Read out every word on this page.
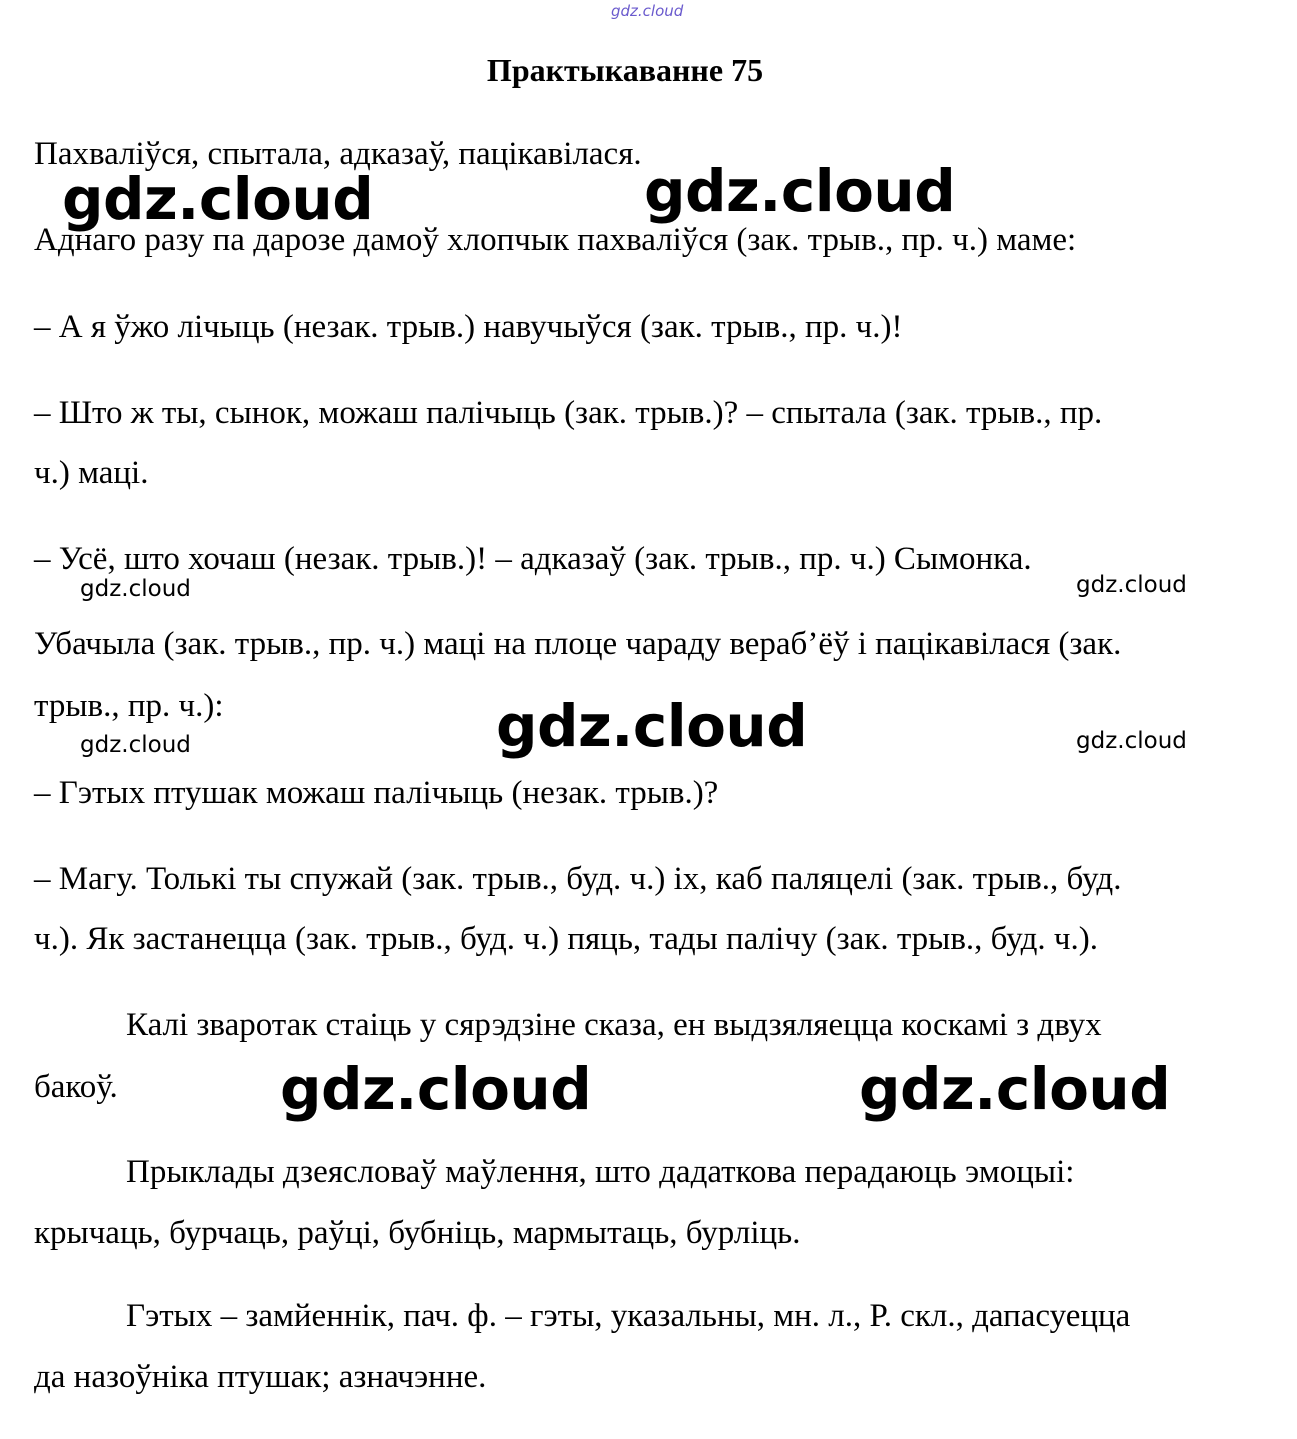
gdz.cloud
Практыкаванне 75
Пахваліўся, спытала, адказаў, пацікавілася.
Аднаго разу па дарозе дамоў хлопчык пахваліўся (зак. трыв., пр. ч.) маме:
– А я ўжо лічыць (незак. трыв.) навучыўся (зак. трыв., пр. ч.)!
– Што ж ты, сынок, можаш палічыць (зак. трыв.)? – спытала (зак. трыв., пр.
ч.) маці.
– Усё, што хочаш (незак. трыв.)! – адказаў (зак. трыв., пр. ч.) Сымонка.
Убачыла (зак. трыв., пр. ч.) маці на плоце чараду вераб’ёў і пацікавілася (зак.
трыв., пр. ч.):
– Гэтых птушак можаш палічыць (незак. трыв.)?
– Магу. Толькі ты спужай (зак. трыв., буд. ч.) іх, каб паляцелі (зак. трыв., буд.
ч.). Як застанецца (зак. трыв., буд. ч.) пяць, тады палічу (зак. трыв., буд. ч.).
Калі зваротак стаіць у сярэдзіне сказа, ен выдзяляецца коскамі з двух
бакоў.
Прыклады дзеясловаў маўлення, што дадаткова перадаюць эмоцыі:
крычаць, бурчаць, раўці, бубніць, мармытаць, бурліць.
Гэтых – замйеннік, пач. ф. – гэты, указальны, мн. л., Р. скл., дапасуецца
да назоўніка птушак; азначэнне.
gdz.cloud	gdz.cloud
gdz.cloud
gdz.cloud	gdz.cloud
gdz.cloud	gdz.cloud
gdz.cloud	gdz.cloud
